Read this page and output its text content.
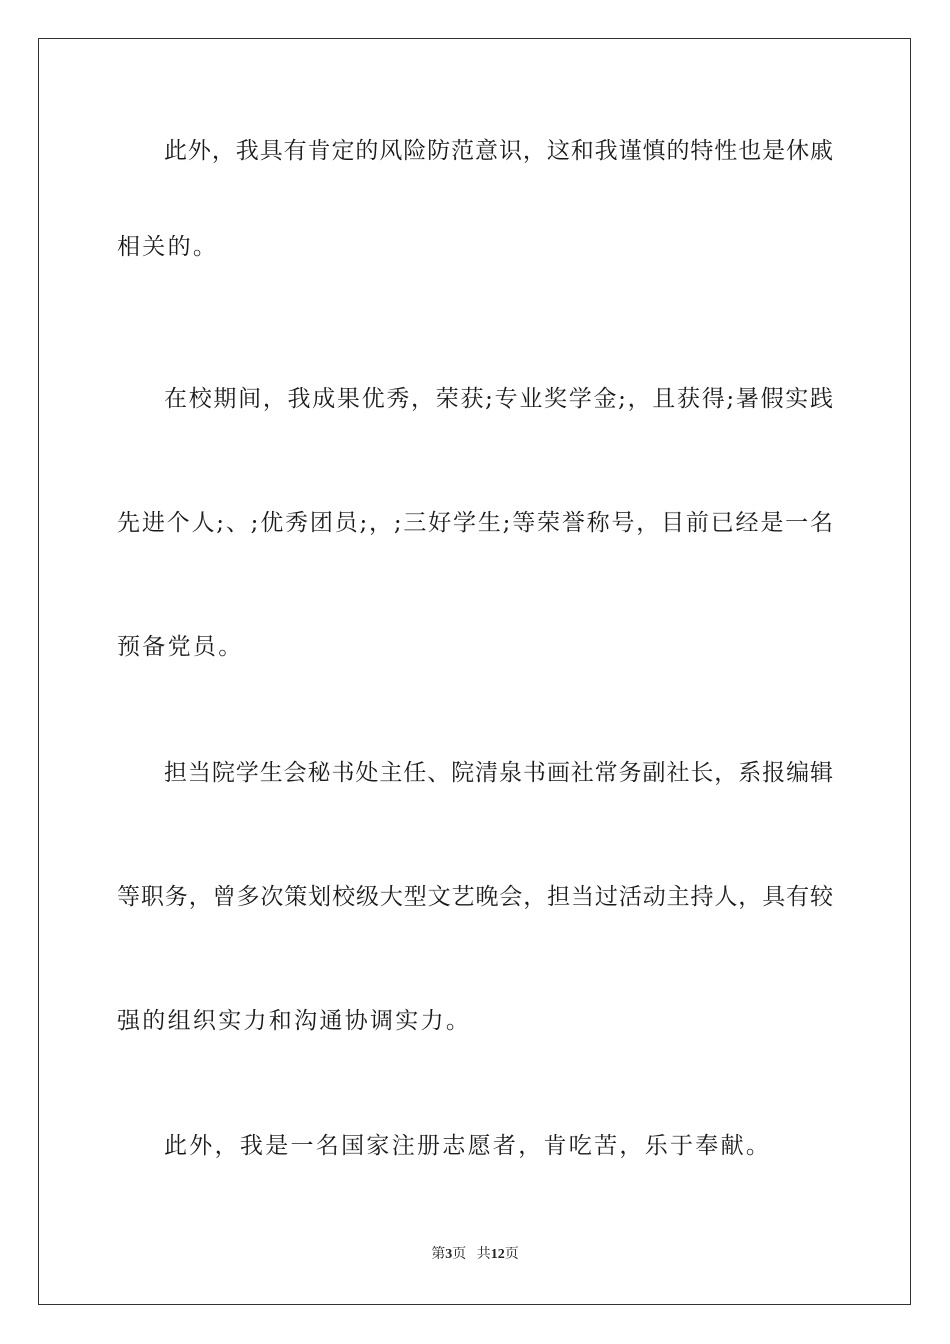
此外，我具有肯定的风险防范意识，这和我谨慎的特性也是休戚
相关的。
在校期间，我成果优秀，荣获;专业奖学金;，且获得;暑假实践
先进个人;、;优秀团员;，;三好学生;等荣誉称号，目前已经是一名
预备党员。
担当院学生会秘书处主任、院清泉书画社常务副社长，系报编辑
等职务，曾多次策划校级大型文艺晚会，担当过活动主持人，具有较
强的组织实力和沟通协调实力。
此外，我是一名国家注册志愿者，肯吃苦，乐于奉献。
第3页 共12页
